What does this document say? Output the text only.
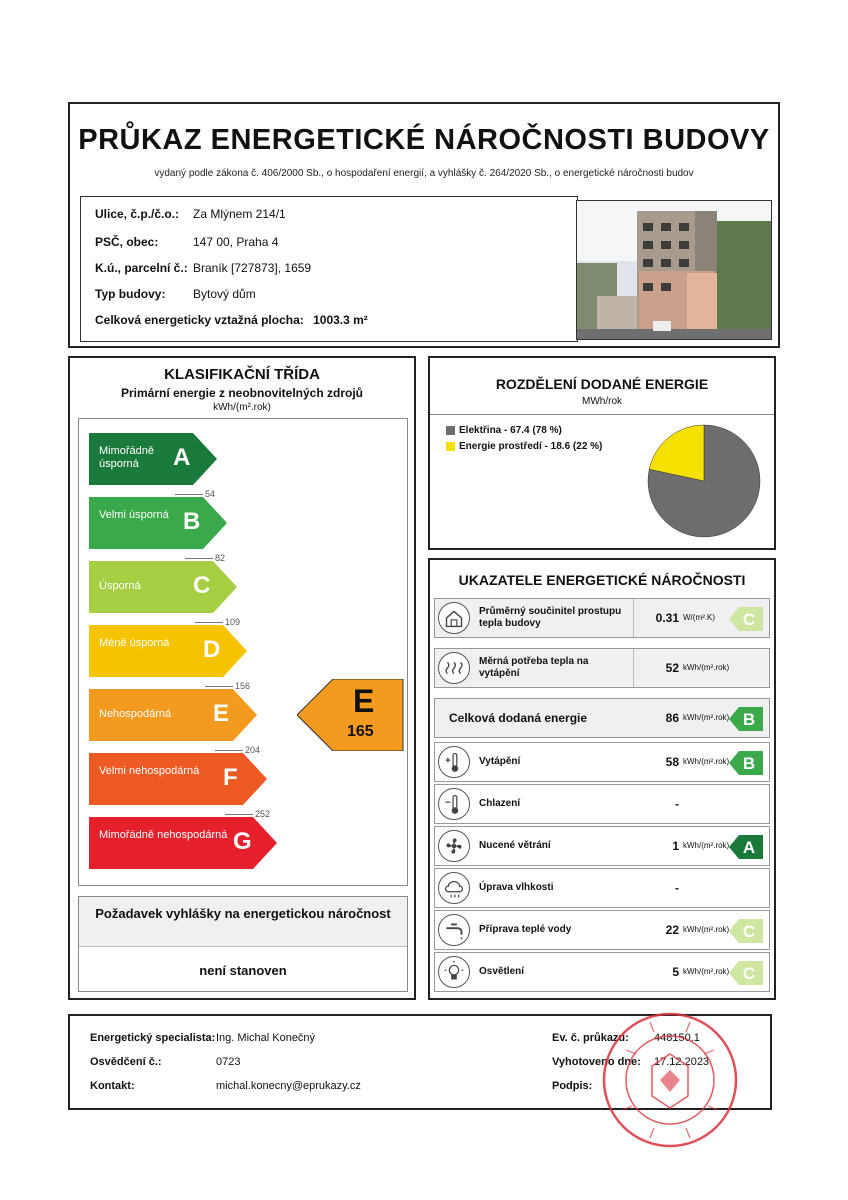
PRŮKAZ ENERGETICKÉ NÁROČNOSTI BUDOVY
vydaný podle zákona č. 406/2000 Sb., o hospodaření energií, a vyhlášky č. 264/2020 Sb., o energetické náročnosti budov
Ulice, č.p./č.o.: Za Mlýnem 214/1
PSČ, obec:	147 00, Praha 4
K.ú., parcelní č.: Braník [727873], 1659
Typ budovy: Bytový dům
Celková energeticky vztažná plocha: 1003.3 m²
KLASIFIKAČNÍ TŘÍDA
Primární energie z neobnovitelných zdrojů
kWh/(m².rok)
Mimořádně úsporná	A
Velmi úsporná B
Úsporná	C
Méně úsporná	D
Nehospodárná	E
Velmi nehospodárná F
Mimořádně nehospodárná G
54
82
109
156
204
252
E
165
Požadavek vyhlášky na energetickou náročnost
není stanoven
ROZDĚLENÍ DODANÉ ENERGIE
MWh/rok
Elektřina - 67.4 (78 %)
Energie prostředí - 18.6 (22 %)
UKAZATELE ENERGETICKÉ NÁROČNOSTI
Průměrný součinitel prostupu tepla budovy	0.31 W/(m².K) C
Měrná potřeba tepla na vytápění	52 kWh/(m².rok)
Celková dodaná energie	86 kWh/(m².rok) B
Vytápění	58 kWh/(m².rok) B
Chlazení	-
Nucené větrání	1 kWh/(m².rok) A
Úprava vlhkosti	-
Příprava teplé vody	22 kWh/(m².rok) C
Osvětlení	5 kWh/(m².rok) C
Energetický specialista: Ing. Michal Konečný
Osvědčení č.:	0723
Kontakt:	michal.konecny@eprukazy.cz
Ev. č. průkazu: 448150.1
Vyhotoveno dne: 17.12.2023
Podpis:
